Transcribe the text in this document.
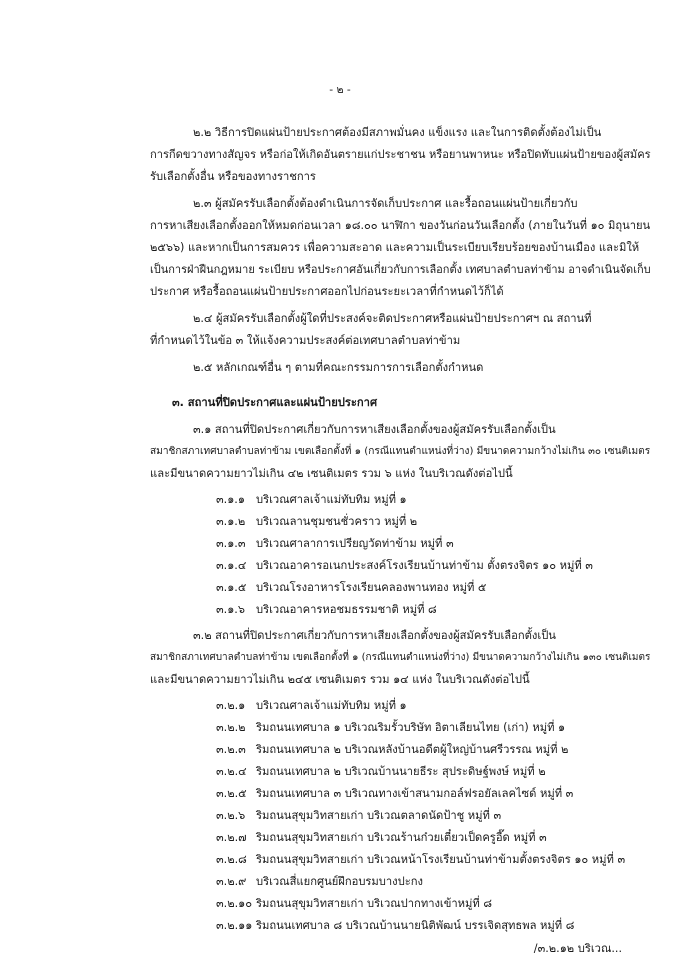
- ๒ -
๒.๒ วิธีการปิดแผ่นป้ายประกาศต้องมีสภาพมั่นคง แข็งแรง และในการติดตั้งต้องไม่เป็น
การกีดขวางทางสัญจร หรือก่อให้เกิดอันตรายแก่ประชาชน หรือยานพาหนะ หรือปิดทับแผ่นป้ายของผู้สมัคร
รับเลือกตั้งอื่น หรือของทางราชการ
๒.๓ ผู้สมัครรับเลือกตั้งต้องดำเนินการจัดเก็บประกาศ และรื้อถอนแผ่นป้ายเกี่ยวกับ
การหาเสียงเลือกตั้งออกให้หมดก่อนเวลา ๑๘.๐๐ นาฬิกา ของวันก่อนวันเลือกตั้ง (ภายในวันที่ ๑๐ มิถุนายน
๒๕๖๖) และหากเป็นการสมควร เพื่อความสะอาด และความเป็นระเบียบเรียบร้อยของบ้านเมือง และมิให้
เป็นการฝ่าฝืนกฎหมาย ระเบียบ หรือประกาศอันเกี่ยวกับการเลือกตั้ง เทศบาลตำบลท่าข้าม อาจดำเนินจัดเก็บ
ประกาศ หรือรื้อถอนแผ่นป้ายประกาศออกไปก่อนระยะเวลาที่กำหนดไว้ก็ได้
๒.๔ ผู้สมัครรับเลือกตั้งผู้ใดที่ประสงค์จะติดประกาศหรือแผ่นป้ายประกาศฯ ณ สถานที่
ที่กำหนดไว้ในข้อ ๓ ให้แจ้งความประสงค์ต่อเทศบาลตำบลท่าข้าม
๒.๕ หลักเกณฑ์อื่น ๆ ตามที่คณะกรรมการการเลือกตั้งกำหนด
๓. สถานที่ปิดประกาศและแผ่นป้ายประกาศ
๓.๑ สถานที่ปิดประกาศเกี่ยวกับการหาเสียงเลือกตั้งของผู้สมัครรับเลือกตั้งเป็น
สมาชิกสภาเทศบาลตำบลท่าข้าม เขตเลือกตั้งที่ ๑ (กรณีแทนตำแหน่งที่ว่าง) มีขนาดความกว้างไม่เกิน ๓๐ เซนติเมตร
และมีขนาดความยาวไม่เกิน ๔๒ เซนติเมตร รวม ๖ แห่ง ในบริเวณดังต่อไปนี้
๓.๑.๑ บริเวณศาลเจ้าแม่ทับทิม หมู่ที่ ๑
๓.๑.๒ บริเวณลานชุมชนชั่วคราว หมู่ที่ ๒
๓.๑.๓ บริเวณศาลาการเปรียญวัดท่าข้าม หมู่ที่ ๓
๓.๑.๔ บริเวณอาคารอเนกประสงค์โรงเรียนบ้านท่าข้าม ตั้งตรงจิตร ๑๐ หมู่ที่ ๓
๓.๑.๕ บริเวณโรงอาหารโรงเรียนคลองพานทอง หมู่ที่ ๕
๓.๑.๖ บริเวณอาคารหอชมธรรมชาติ หมู่ที่ ๘
๓.๒ สถานที่ปิดประกาศเกี่ยวกับการหาเสียงเลือกตั้งของผู้สมัครรับเลือกตั้งเป็น
สมาชิกสภาเทศบาลตำบลท่าข้าม เขตเลือกตั้งที่ ๑ (กรณีแทนตำแหน่งที่ว่าง) มีขนาดความกว้างไม่เกิน ๑๓๐ เซนติเมตร
และมีขนาดความยาวไม่เกิน ๒๔๕ เซนติเมตร รวม ๑๔ แห่ง ในบริเวณดังต่อไปนี้
๓.๒.๑ บริเวณศาลเจ้าแม่ทับทิม หมู่ที่ ๑
๓.๒.๒ ริมถนนเทศบาล ๑ บริเวณริมรั้วบริษัท อิตาเลียนไทย (เก่า) หมู่ที่ ๑
๓.๒.๓ ริมถนนเทศบาล ๒ บริเวณหลังบ้านอดีตผู้ใหญ่บ้านศรีวรรณ หมู่ที่ ๒
๓.๒.๔ ริมถนนเทศบาล ๒ บริเวณบ้านนายธีระ สุประดิษฐ์พงษ์ หมู่ที่ ๒
๓.๒.๕ ริมถนนเทศบาล ๓ บริเวณทางเข้าสนามกอล์ฟรอยัลเลคไซด์ หมู่ที่ ๓
๓.๒.๖ ริมถนนสุขุมวิทสายเก่า บริเวณตลาดนัดป้าชู หมู่ที่ ๓
๓.๒.๗ ริมถนนสุขุมวิทสายเก่า บริเวณร้านก๋วยเตี๋ยวเป็ดครูอี๊ด หมู่ที่ ๓
๓.๒.๘ ริมถนนสุขุมวิทสายเก่า บริเวณหน้าโรงเรียนบ้านท่าข้ามตั้งตรงจิตร ๑๐ หมู่ที่ ๓
๓.๒.๙ บริเวณสี่แยกศูนย์ฝึกอบรมบางปะกง
๓.๒.๑๐ ริมถนนสุขุมวิทสายเก่า บริเวณปากทางเข้าหมู่ที่ ๘
๓.๒.๑๑ ริมถนนเทศบาล ๘ บริเวณบ้านนายนิติพัฒน์ บรรเจิดสุทธพล หมู่ที่ ๘
/๓.๒.๑๒ บริเวณ...
